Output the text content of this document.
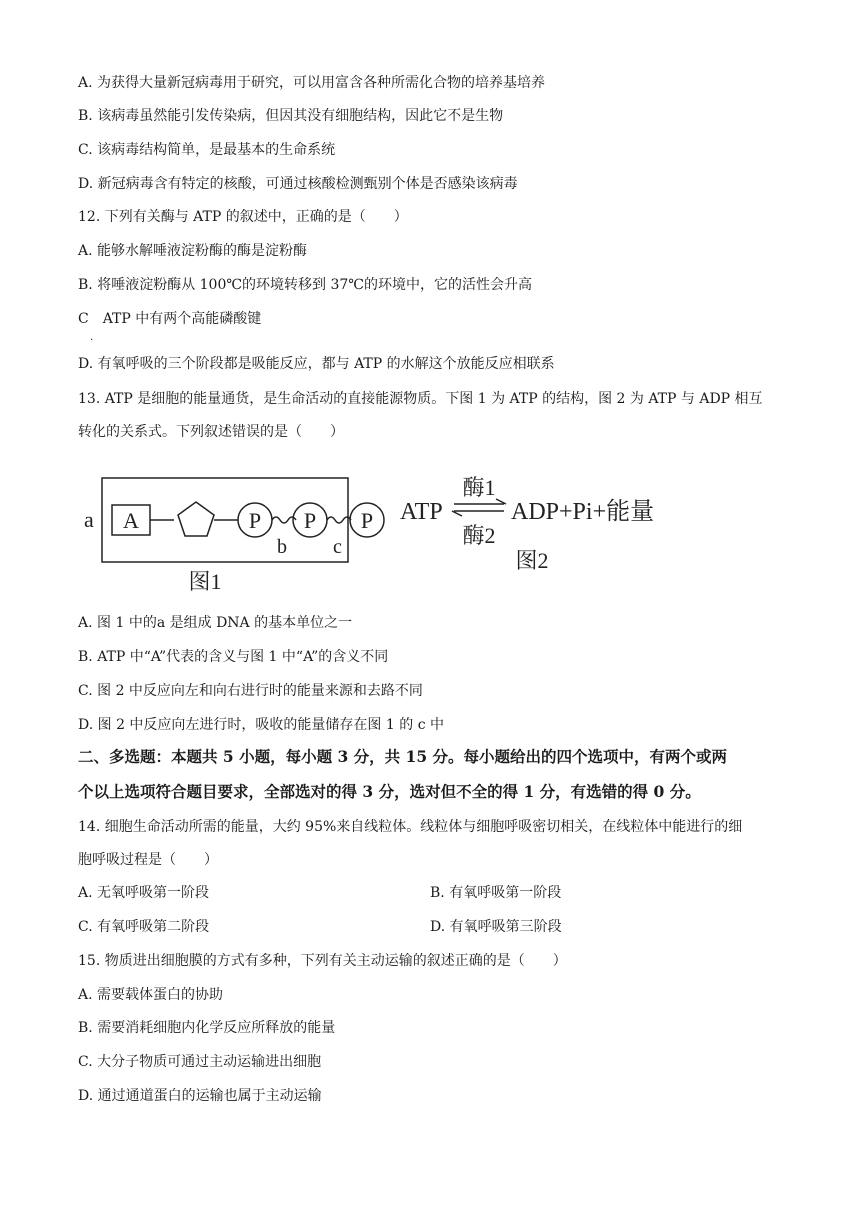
A. 为获得大量新冠病毒用于研究，可以用富含各种所需化合物的培养基培养
B. 该病毒虽然能引发传染病，但因其没有细胞结构，因此它不是生物
C. 该病毒结构简单，是最基本的生命系统
D. 新冠病毒含有特定的核酸，可通过核酸检测甄别个体是否感染该病毒
12. 下列有关酶与 ATP 的叙述中，正确的是（　　）
A. 能够水解唾液淀粉酶的酶是淀粉酶
B. 将唾液淀粉酶从 100℃的环境转移到 37℃的环境中，它的活性会升高
C　ATP 中有两个高能磷酸键
.
D. 有氧呼吸的三个阶段都是吸能反应，都与 ATP 的水解这个放能反应相联系
13. ATP 是细胞的能量通货，是生命活动的直接能源物质。下图 1 为 ATP 的结构，图 2 为 ATP 与 ADP 相互
转化的关系式。下列叙述错误的是（　　）
a A	P P P
b c
图1
ATP
酶1
酶2
ADP+Pi+能量
图2
A. 图 1 中的a 是组成 DNA 的基本单位之一
B. ATP 中“A”代表的含义与图 1 中“A”的含义不同
C. 图 2 中反应向左和向右进行时的能量来源和去路不同
D. 图 2 中反应向左进行时，吸收的能量储存在图 1 的 c 中
二、多选题：本题共 5 小题，每小题 3 分，共 15 分。每小题给出的四个选项中，有两个或两
个以上选项符合题目要求，全部选对的得 3 分，选对但不全的得 1 分，有选错的得 0 分。
14. 细胞生命活动所需的能量，大约 95%来自线粒体。线粒体与细胞呼吸密切相关，在线粒体中能进行的细
胞呼吸过程是（　　）
A. 无氧呼吸第一阶段	B. 有氧呼吸第一阶段
C. 有氧呼吸第二阶段	D. 有氧呼吸第三阶段
15. 物质进出细胞膜的方式有多种，下列有关主动运输的叙述正确的是（　　）
A. 需要载体蛋白的协助
B. 需要消耗细胞内化学反应所释放的能量
C. 大分子物质可通过主动运输进出细胞
D. 通过通道蛋白的运输也属于主动运输
